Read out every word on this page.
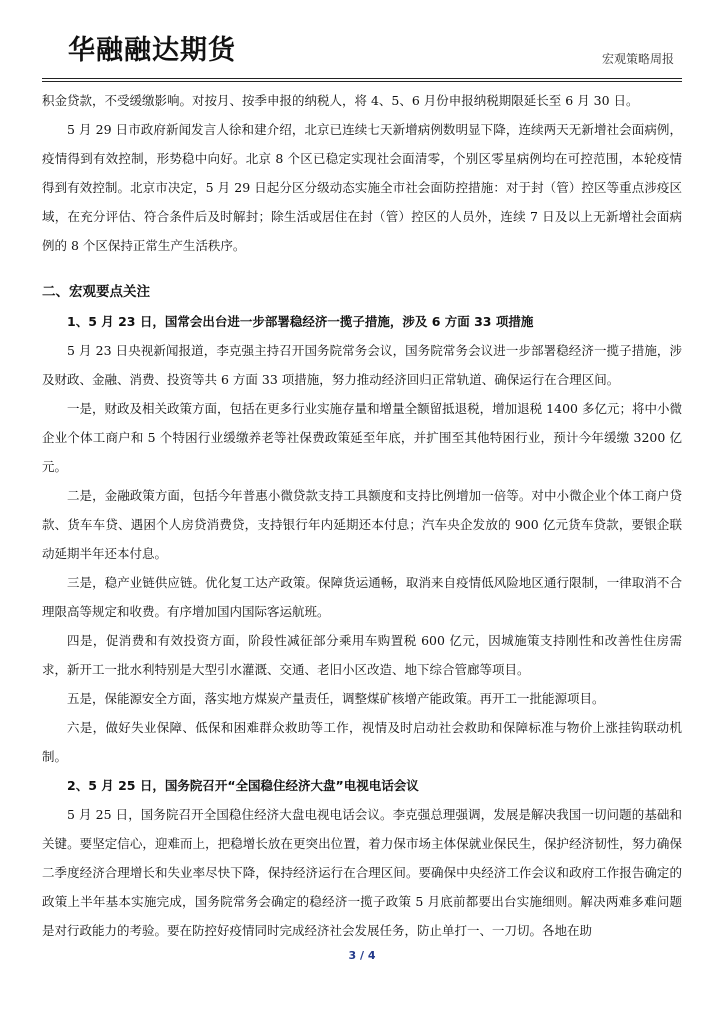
华融融达期货	宏观策略周报

积金贷款，不受缓缴影响。对按月、按季申报的纳税人，将 4、5、6 月份申报纳税期限延长至 6 月 30 日。

5 月 29 日市政府新闻发言人徐和建介绍，北京已连续七天新增病例数明显下降，连续两天无新增社会面病例，疫情得到有效控制，形势稳中向好。北京 8 个区已稳定实现社会面清零，个别区零星病例均在可控范围，本轮疫情得到有效控制。北京市决定，5 月 29 日起分区分级动态实施全市社会面防控措施：对于封（管）控区等重点涉疫区域，在充分评估、符合条件后及时解封；除生活或居住在封（管）控区的人员外，连续 7 日及以上无新增社会面病例的 8 个区保持正常生产生活秩序。

二、宏观要点关注

1、5 月 23 日，国常会出台进一步部署稳经济一揽子措施，涉及 6 方面 33 项措施

5 月 23 日央视新闻报道，李克强主持召开国务院常务会议，国务院常务会议进一步部署稳经济一揽子措施，涉及财政、金融、消费、投资等共 6 方面 33 项措施，努力推动经济回归正常轨道、确保运行在合理区间。

一是，财政及相关政策方面，包括在更多行业实施存量和增量全额留抵退税，增加退税 1400 多亿元；将中小微企业个体工商户和 5 个特困行业缓缴养老等社保费政策延至年底，并扩围至其他特困行业，预计今年缓缴 3200 亿元。

二是，金融政策方面，包括今年普惠小微贷款支持工具额度和支持比例增加一倍等。对中小微企业个体工商户贷款、货车车贷、遇困个人房贷消费贷，支持银行年内延期还本付息；汽车央企发放的 900 亿元货车贷款，要银企联动延期半年还本付息。

三是，稳产业链供应链。优化复工达产政策。保障货运通畅，取消来自疫情低风险地区通行限制，一律取消不合理限高等规定和收费。有序增加国内国际客运航班。

四是，促消费和有效投资方面，阶段性减征部分乘用车购置税 600 亿元，因城施策支持刚性和改善性住房需求，新开工一批水利特别是大型引水灌溉、交通、老旧小区改造、地下综合管廊等项目。

五是，保能源安全方面，落实地方煤炭产量责任，调整煤矿核增产能政策。再开工一批能源项目。

六是，做好失业保障、低保和困难群众救助等工作，视情及时启动社会救助和保障标准与物价上涨挂钩联动机制。

2、5 月 25 日，国务院召开“全国稳住经济大盘”电视电话会议

5 月 25 日，国务院召开全国稳住经济大盘电视电话会议。李克强总理强调，发展是解决我国一切问题的基础和关键。要坚定信心，迎难而上，把稳增长放在更突出位置，着力保市场主体保就业保民生，保护经济韧性，努力确保二季度经济合理增长和失业率尽快下降，保持经济运行在合理区间。要确保中央经济工作会议和政府工作报告确定的政策上半年基本实施完成，国务院常务会确定的稳经济一揽子政策 5 月底前都要出台实施细则。解决两难多难问题是对行政能力的考验。要在防控好疫情同时完成经济社会发展任务，防止单打一、一刀切。各地在助

3 / 4
